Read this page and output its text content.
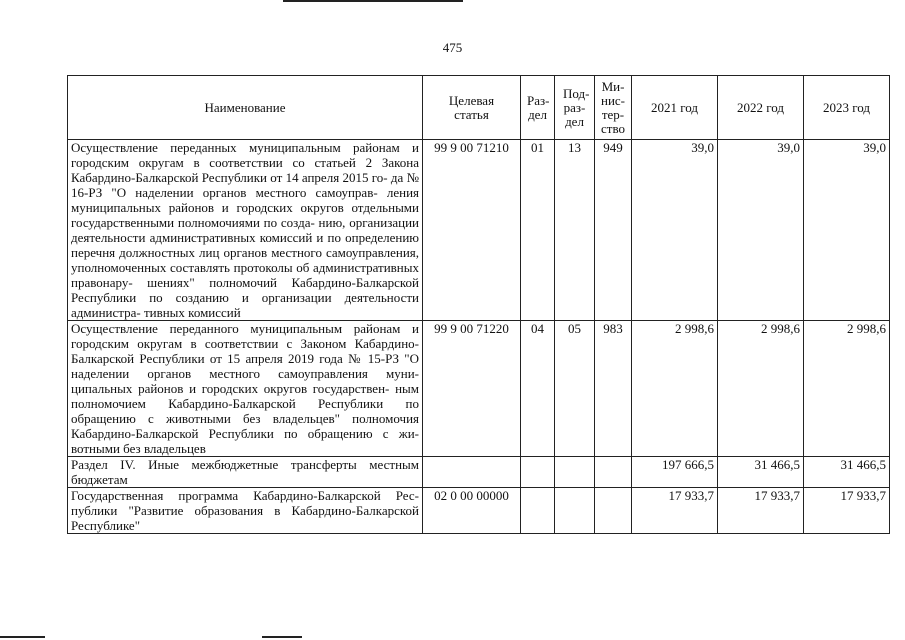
475
Наименование	Целевая статья	Раз- дел	Под- раз- дел	Ми- нис- тер- ство	2021 год	2022 год	2023 год
Осуществление переданных муниципальным районам и городским округам в соответствии со статьей 2 Закона Кабардино-Балкарской Республики от 14 апреля 2015 го- да № 16-РЗ "О наделении органов местного самоуправ- ления муниципальных районов и городских округов отдельными государственными полномочиями по созда- нию, организации деятельности административных комиссий и по определению перечня должностных лиц органов местного самоуправления, уполномоченных составлять протоколы об административных правонару- шениях" полномочий Кабардино-Балкарской Республики по созданию и организации деятельности администра- тивных комиссий	99 9 00 71210	01	13	949	39,0	39,0	39,0
Осуществление переданного муниципальным районам и городским округам в соответствии с Законом Кабардино- Балкарской Республики от 15 апреля 2019 года № 15-РЗ "О наделении органов местного самоуправления муни- ципальных районов и городских округов государствен- ным полномочием Кабардино-Балкарской Республики по обращению с животными без владельцев" полномочия Кабардино-Балкарской Республики по обращению с жи- вотными без владельцев	99 9 00 71220	04	05	983	2 998,6	2 998,6	2 998,6
Раздел IV. Иные межбюджетные трансферты местным бюджетам					197 666,5	31 466,5	31 466,5
Государственная программа Кабардино-Балкарской Рес- публики "Развитие образования в Кабардино-Балкарской Республике"	02 0 00 00000				17 933,7	17 933,7	17 933,7
